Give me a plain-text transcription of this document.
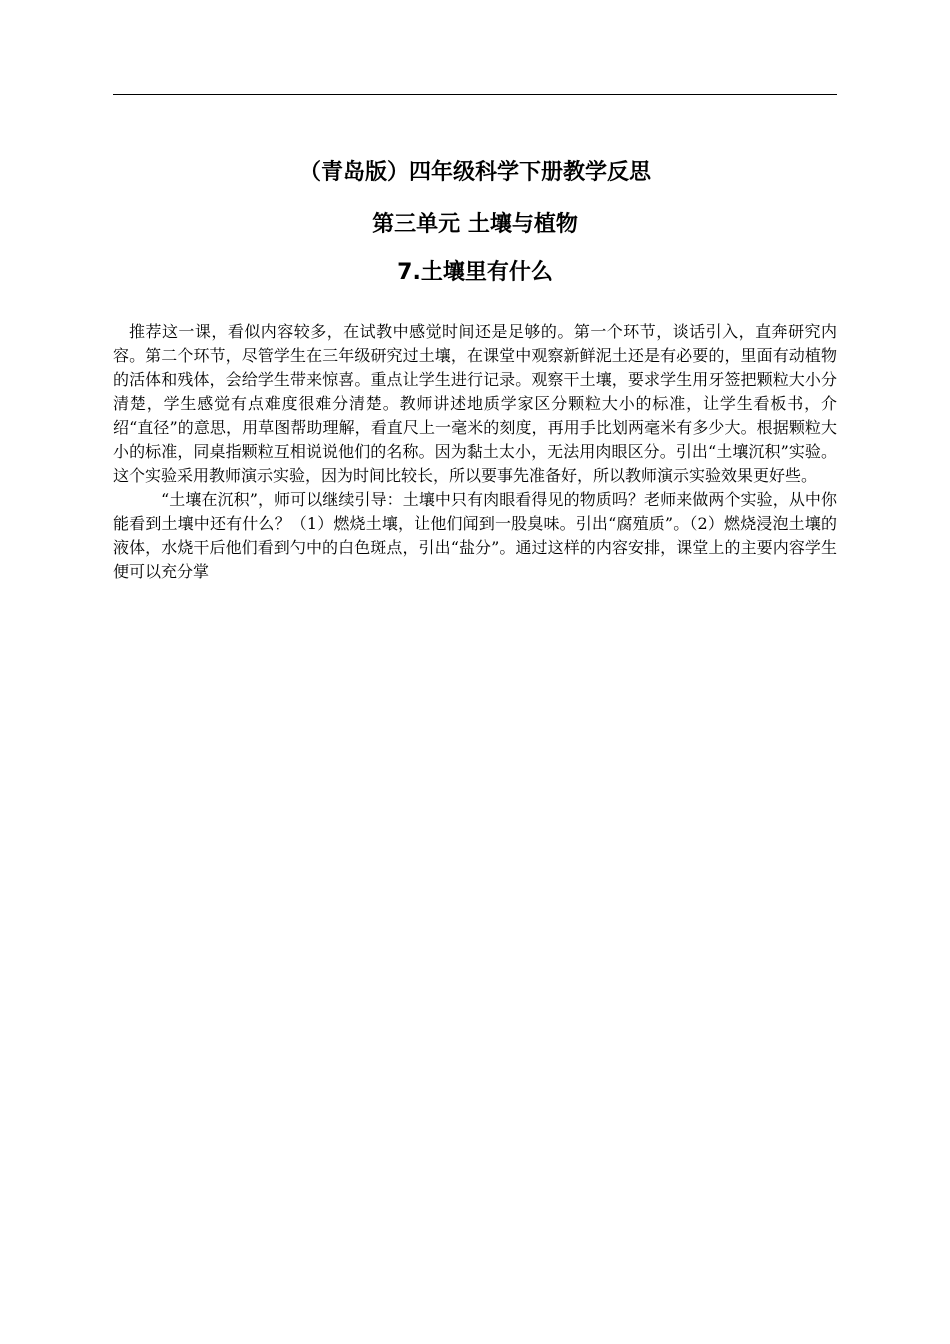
（青岛版）四年级科学下册教学反思
第三单元 土壤与植物
7.土壤里有什么

推荐这一课，看似内容较多，在试教中感觉时间还是足够的。第一个环节，谈话引入，直奔研究内容。第二个环节，尽管学生在三年级研究过土壤，在课堂中观察新鲜泥土还是有必要的，里面有动植物的活体和残体，会给学生带来惊喜。重点让学生进行记录。观察干土壤，要求学生用牙签把颗粒大小分清楚，学生感觉有点难度很难分清楚。教师讲述地质学家区分颗粒大小的标准，让学生看板书，介绍“直径”的意思，用草图帮助理解，看直尺上一毫米的刻度，再用手比划两毫米有多少大。根据颗粒大小的标准，同桌指颗粒互相说说他们的名称。因为黏土太小，无法用肉眼区分。引出“土壤沉积”实验。这个实验采用教师演示实验，因为时间比较长，所以要事先准备好，所以教师演示实验效果更好些。

“土壤在沉积”，师可以继续引导：土壤中只有肉眼看得见的物质吗？老师来做两个实验，从中你能看到土壤中还有什么？（1）燃烧土壤，让他们闻到一股臭味。引出“腐殖质”。（2）燃烧浸泡土壤的液体，水烧干后他们看到勺中的白色斑点，引出“盐分”。通过这样的内容安排，课堂上的主要内容学生便可以充分掌
